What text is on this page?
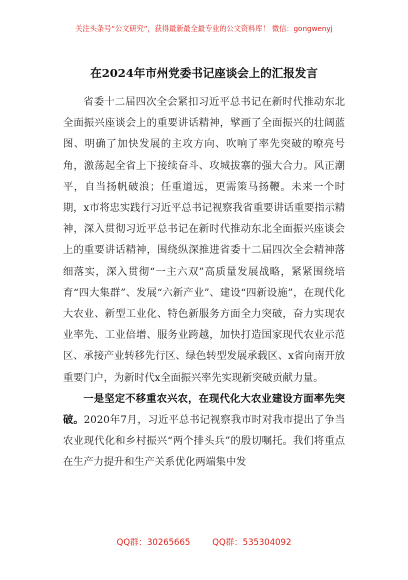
关注头条号“公文研究”，获得最新最全最专业的公文资料库！ 微信：gongwenyj
在2024年市州党委书记座谈会上的汇报发言

省委十二届四次全会紧扣习近平总书记在新时代推动东北全面振兴座谈会上的重要讲话精神，擘画了全面振兴的壮阔蓝图、明确了加快发展的主攻方向、吹响了率先突破的嘹亮号角，激荡起全省上下接续奋斗、攻城拔寨的强大合力。风正潮平，自当扬帆破浪；任重道远，更需策马扬鞭。未来一个时期，x市将忠实践行习近平总书记视察我省重要讲话重要指示精神，深入贯彻习近平总书记在新时代推动东北全面振兴座谈会上的重要讲话精神，围绕纵深推进省委十二届四次全会精神落细落实，深入贯彻“一主六双”高质量发展战略，紧紧围绕培育“四大集群”、发展“六新产业”、建设“四新设施”，在现代化大农业、新型工业化、特色新服务方面全力突破，奋力实现农业率先、工业倍增、服务业跨越，加快打造国家现代农业示范区、承接产业转移先行区、绿色转型发展承载区、x省向南开放重要门户，为新时代x全面振兴率先实现新突破贡献力量。

一是坚定不移重农兴农，在现代化大农业建设方面率先突破。2020年7月，习近平总书记视察我市时对我市提出了争当农业现代化和乡村振兴“两个排头兵”的殷切嘱托。我们将重点在生产力提升和生产关系优化两端集中发

QQ群：30265665	QQ群：535304092
